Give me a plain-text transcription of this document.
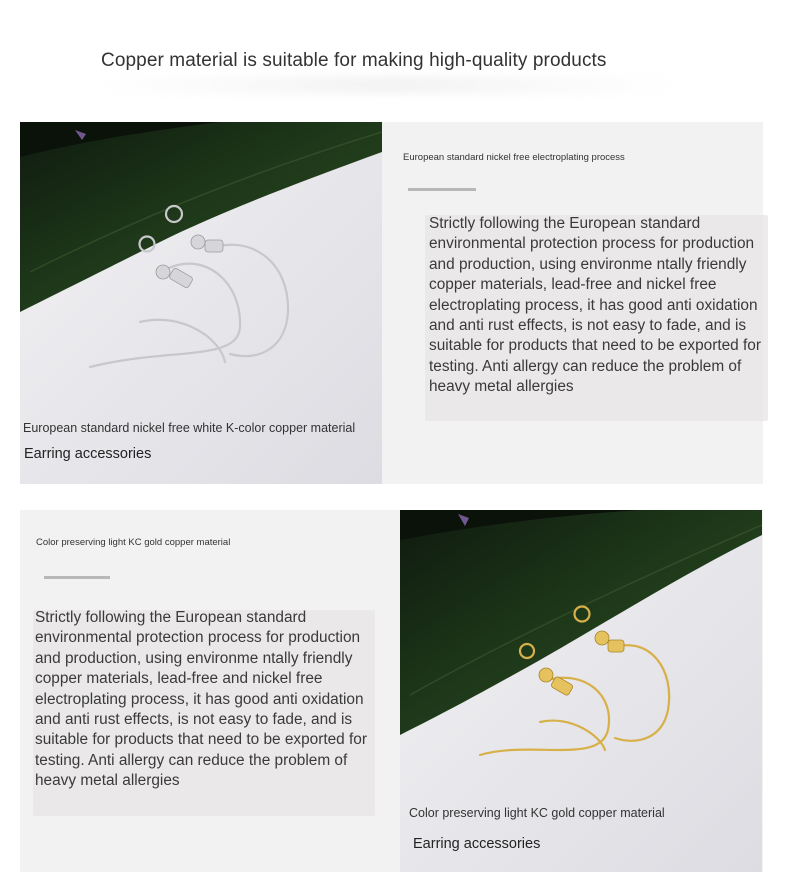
Copper material is suitable for making high-quality products
European standard nickel free white K-color copper material
Earring accessories
European standard nickel free electroplating process
Strictly following the European standard environmental protection process for production and production, using environme ntally friendly copper materials, lead-free and nickel free electroplating process, it has good anti oxidation and anti rust effects, is not easy to fade, and is suitable for products that need to be exported for testing. Anti allergy can reduce the problem of heavy metal allergies
Color preserving light KC gold copper material
Strictly following the European standard environmental protection process for production and production, using environme ntally friendly copper materials, lead-free and nickel free electroplating process, it has good anti oxidation and anti rust effects, is not easy to fade, and is suitable for products that need to be exported for testing. Anti allergy can reduce the problem of heavy metal allergies
Color preserving light KC gold copper material
Earring accessories
